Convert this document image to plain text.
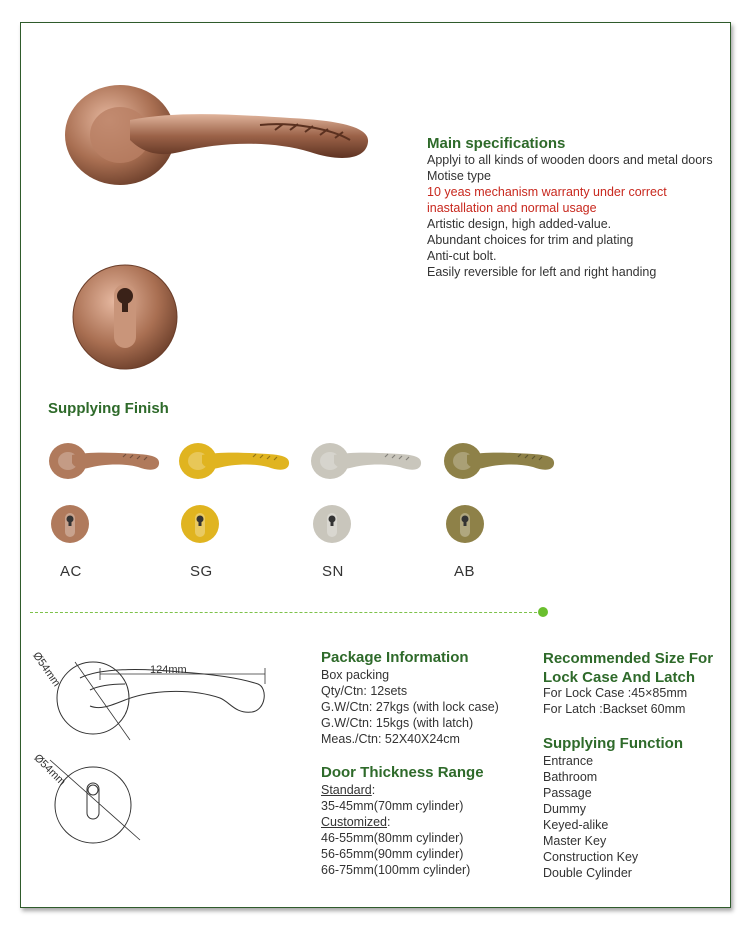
Main specifications
Applyi to all kinds of wooden doors and metal doors
Motise type
10 yeas mechanism warranty under correct
inastallation and normal usage
Artistic design, high added-value.
Abundant choices for trim and plating
Anti-cut bolt.
Easily reversible for left and right handing
Supplying Finish
AC	SG	SN	AB
Ø54mm	124mm
Ø54mm
Package Information
Box packing
Qty/Ctn: 12sets
G.W/Ctn: 27kgs (with lock case)
G.W/Ctn: 15kgs (with latch)
Meas./Ctn: 52X40X24cm
Door Thickness Range
Standard:
35-45mm(70mm cylinder)
Customized:
46-55mm(80mm cylinder)
56-65mm(90mm cylinder)
66-75mm(100mm cylinder)
Recommended Size For
Lock Case And Latch
For Lock Case :45×85mm
For Latch :Backset 60mm
Supplying Function
Entrance
Bathroom
Passage
Dummy
Keyed-alike
Master Key
Construction Key
Double Cylinder
